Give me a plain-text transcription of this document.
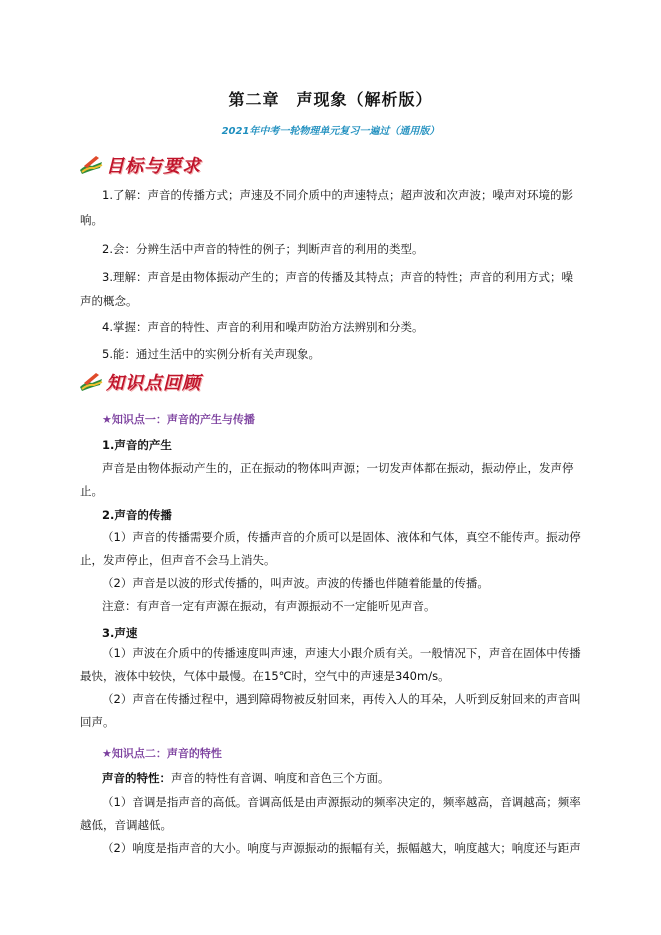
第二章　声现象（解析版）
2021年中考一轮物理单元复习一遍过（通用版）
目标与要求
1.了解：声音的传播方式；声速及不同介质中的声速特点；超声波和次声波；噪声对环境的影
响。
2.会：分辨生活中声音的特性的例子；判断声音的利用的类型。
3.理解：声音是由物体振动产生的；声音的传播及其特点；声音的特性；声音的利用方式；噪
声的概念。
4.掌握：声音的特性、声音的利用和噪声防治方法辨别和分类。
5.能：通过生活中的实例分析有关声现象。
知识点回顾
★知识点一：声音的产生与传播
1.声音的产生
声音是由物体振动产生的，正在振动的物体叫声源；一切发声体都在振动，振动停止，发声停
止。
2.声音的传播
（1）声音的传播需要介质，传播声音的介质可以是固体、液体和气体，真空不能传声。振动停
止，发声停止，但声音不会马上消失。
（2）声音是以波的形式传播的，叫声波。声波的传播也伴随着能量的传播。
注意：有声音一定有声源在振动，有声源振动不一定能听见声音。
3.声速
（1）声波在介质中的传播速度叫声速，声速大小跟介质有关。一般情况下，声音在固体中传播
最快，液体中较快，气体中最慢。在15℃时，空气中的声速是340m/s。
（2）声音在传播过程中，遇到障碍物被反射回来，再传入人的耳朵，人听到反射回来的声音叫
回声。
★知识点二：声音的特性
声音的特性：声音的特性有音调、响度和音色三个方面。
（1）音调是指声音的高低。音调高低是由声源振动的频率决定的，频率越高，音调越高；频率
越低，音调越低。
（2）响度是指声音的大小。响度与声源振动的振幅有关，振幅越大，响度越大；响度还与距声
